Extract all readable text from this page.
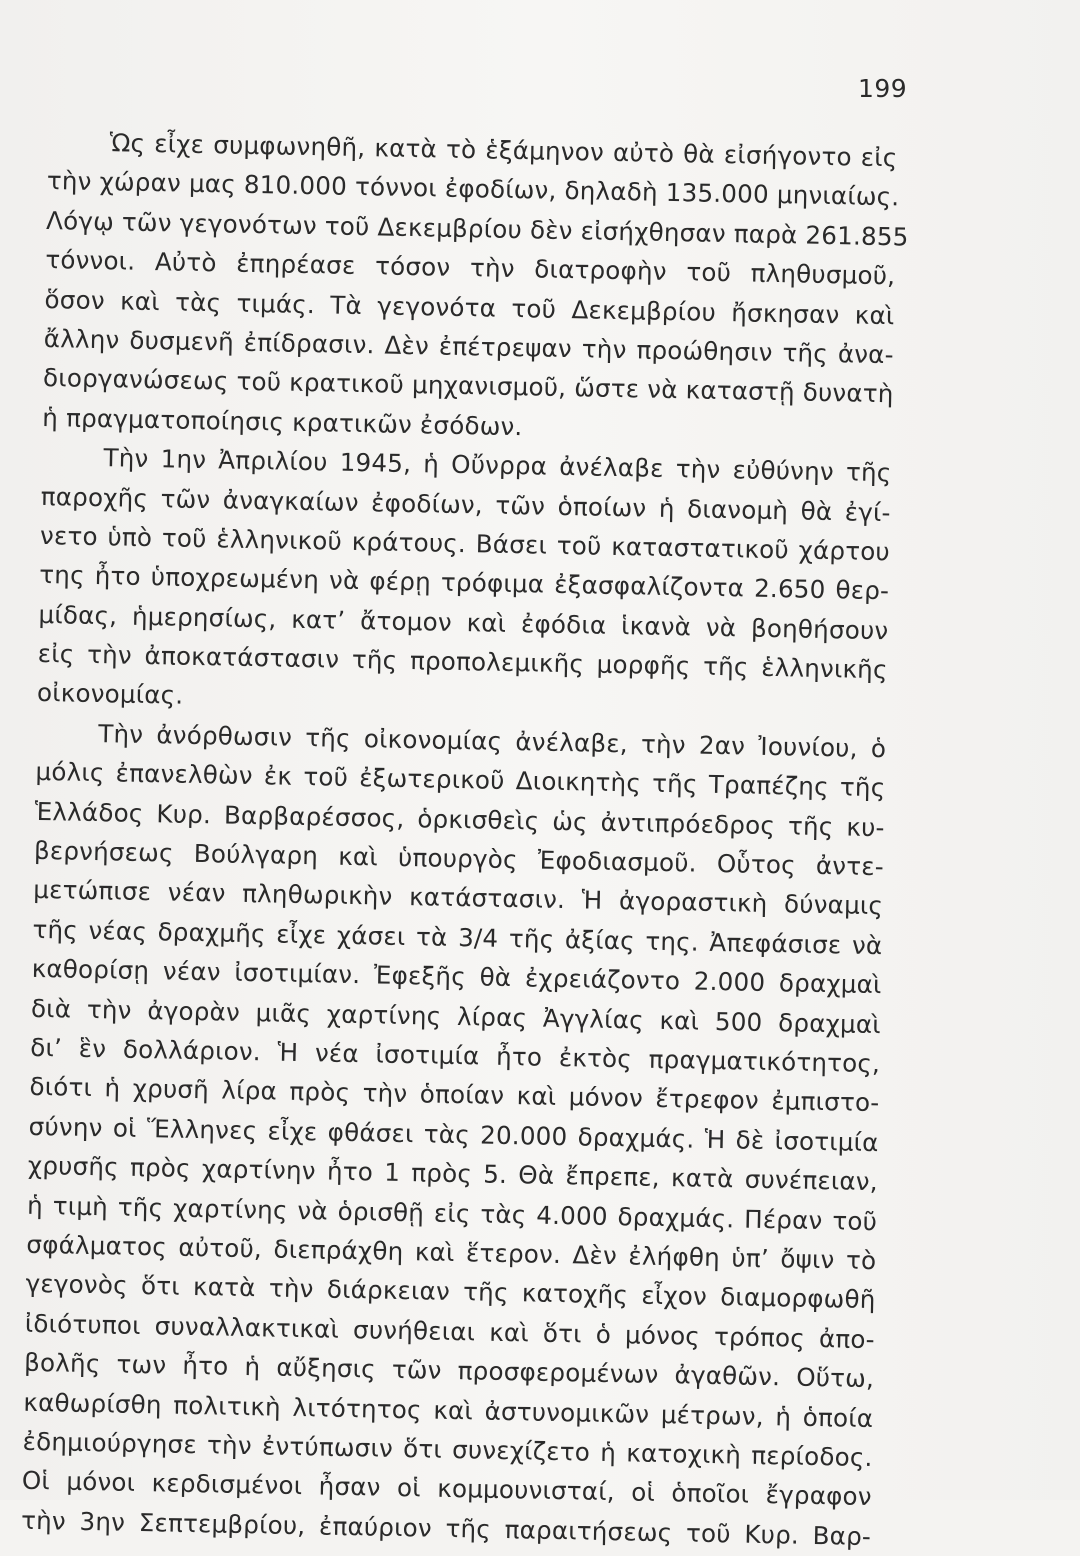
199
Ὡς εἶχε συμφωνηθῆ, κατὰ τὸ ἑξάμηνον αὐτὸ θὰ εἰσήγοντο εἰς
τὴν χώραν μας 810.000 τόννοι ἐφοδίων, δηλαδὴ 135.000 μηνιαίως.
Λόγῳ τῶν γεγονότων τοῦ Δεκεμβρίου δὲν εἰσήχθησαν παρὰ 261.855
τόννοι. Αὐτὸ ἐπηρέασε τόσον τὴν διατροφὴν τοῦ πληθυσμοῦ,
ὅσον καὶ τὰς τιμάς. Τὰ γεγονότα τοῦ Δεκεμβρίου ἤσκησαν καὶ
ἄλλην δυσμενῆ ἐπίδρασιν. Δὲν ἐπέτρεψαν τὴν προώθησιν τῆς ἀνα-
διοργανώσεως τοῦ κρατικοῦ μηχανισμοῦ, ὥστε νὰ καταστῇ δυνατὴ
ἡ πραγματοποίησις κρατικῶν ἐσόδων.
Τὴν 1ην Ἀπριλίου 1945, ἡ Οὔνρρα ἀνέλαβε τὴν εὐθύνην τῆς
παροχῆς τῶν ἀναγκαίων ἐφοδίων, τῶν ὁποίων ἡ διανομὴ θὰ ἐγί-
νετο ὑπὸ τοῦ ἑλληνικοῦ κράτους. Βάσει τοῦ καταστατικοῦ χάρτου
της ἦτο ὑποχρεωμένη νὰ φέρῃ τρόφιμα ἐξασφαλίζοντα 2.650 θερ-
μίδας, ἡμερησίως, κατ’ ἄτομον καὶ ἐφόδια ἱκανὰ νὰ βοηθήσουν
εἰς τὴν ἀποκατάστασιν τῆς προπολεμικῆς μορφῆς τῆς ἑλληνικῆς
οἰκονομίας.
Τὴν ἀνόρθωσιν τῆς οἰκονομίας ἀνέλαβε, τὴν 2αν Ἰουνίου, ὁ
μόλις ἐπανελθὼν ἐκ τοῦ ἐξωτερικοῦ Διοικητὴς τῆς Τραπέζης τῆς
Ἑλλάδος Κυρ. Βαρβαρέσσος, ὁρκισθεὶς ὡς ἀντιπρόεδρος τῆς κυ-
βερνήσεως Βούλγαρη καὶ ὑπουργὸς Ἐφοδιασμοῦ. Οὗτος ἀντε-
μετώπισε νέαν πληθωρικὴν κατάστασιν. Ἡ ἀγοραστικὴ δύναμις
τῆς νέας δραχμῆς εἶχε χάσει τὰ 3/4 τῆς ἀξίας της. Ἀπεφάσισε νὰ
καθορίσῃ νέαν ἰσοτιμίαν. Ἐφεξῆς θὰ ἐχρειάζοντο 2.000 δραχμαὶ
διὰ τὴν ἀγορὰν μιᾶς χαρτίνης λίρας Ἀγγλίας καὶ 500 δραχμαὶ
δι’ ἓν δολλάριον. Ἡ νέα ἰσοτιμία ἦτο ἐκτὸς πραγματικότητος,
διότι ἡ χρυσῆ λίρα πρὸς τὴν ὁποίαν καὶ μόνον ἔτρεφον ἐμπιστο-
σύνην οἱ Ἕλληνες εἶχε φθάσει τὰς 20.000 δραχμάς. Ἡ δὲ ἰσοτιμία
χρυσῆς πρὸς χαρτίνην ἦτο 1 πρὸς 5. Θὰ ἔπρεπε, κατὰ συνέπειαν,
ἡ τιμὴ τῆς χαρτίνης νὰ ὁρισθῇ εἰς τὰς 4.000 δραχμάς. Πέραν τοῦ
σφάλματος αὐτοῦ, διεπράχθη καὶ ἕτερον. Δὲν ἐλήφθη ὑπ’ ὄψιν τὸ
γεγονὸς ὅτι κατὰ τὴν διάρκειαν τῆς κατοχῆς εἶχον διαμορφωθῆ
ἰδιότυποι συναλλακτικαὶ συνήθειαι καὶ ὅτι ὁ μόνος τρόπος ἀπο-
βολῆς των ἦτο ἡ αὔξησις τῶν προσφερομένων ἀγαθῶν. Οὕτω,
καθωρίσθη πολιτικὴ λιτότητος καὶ ἀστυνομικῶν μέτρων, ἡ ὁποία
ἐδημιούργησε τὴν ἐντύπωσιν ὅτι συνεχίζετο ἡ κατοχικὴ περίοδος.
Οἱ μόνοι κερδισμένοι ἦσαν οἱ κομμουνισταί, οἱ ὁποῖοι ἔγραφον
τὴν 3ην Σεπτεμβρίου, ἐπαύριον τῆς παραιτήσεως τοῦ Κυρ. Βαρ-
